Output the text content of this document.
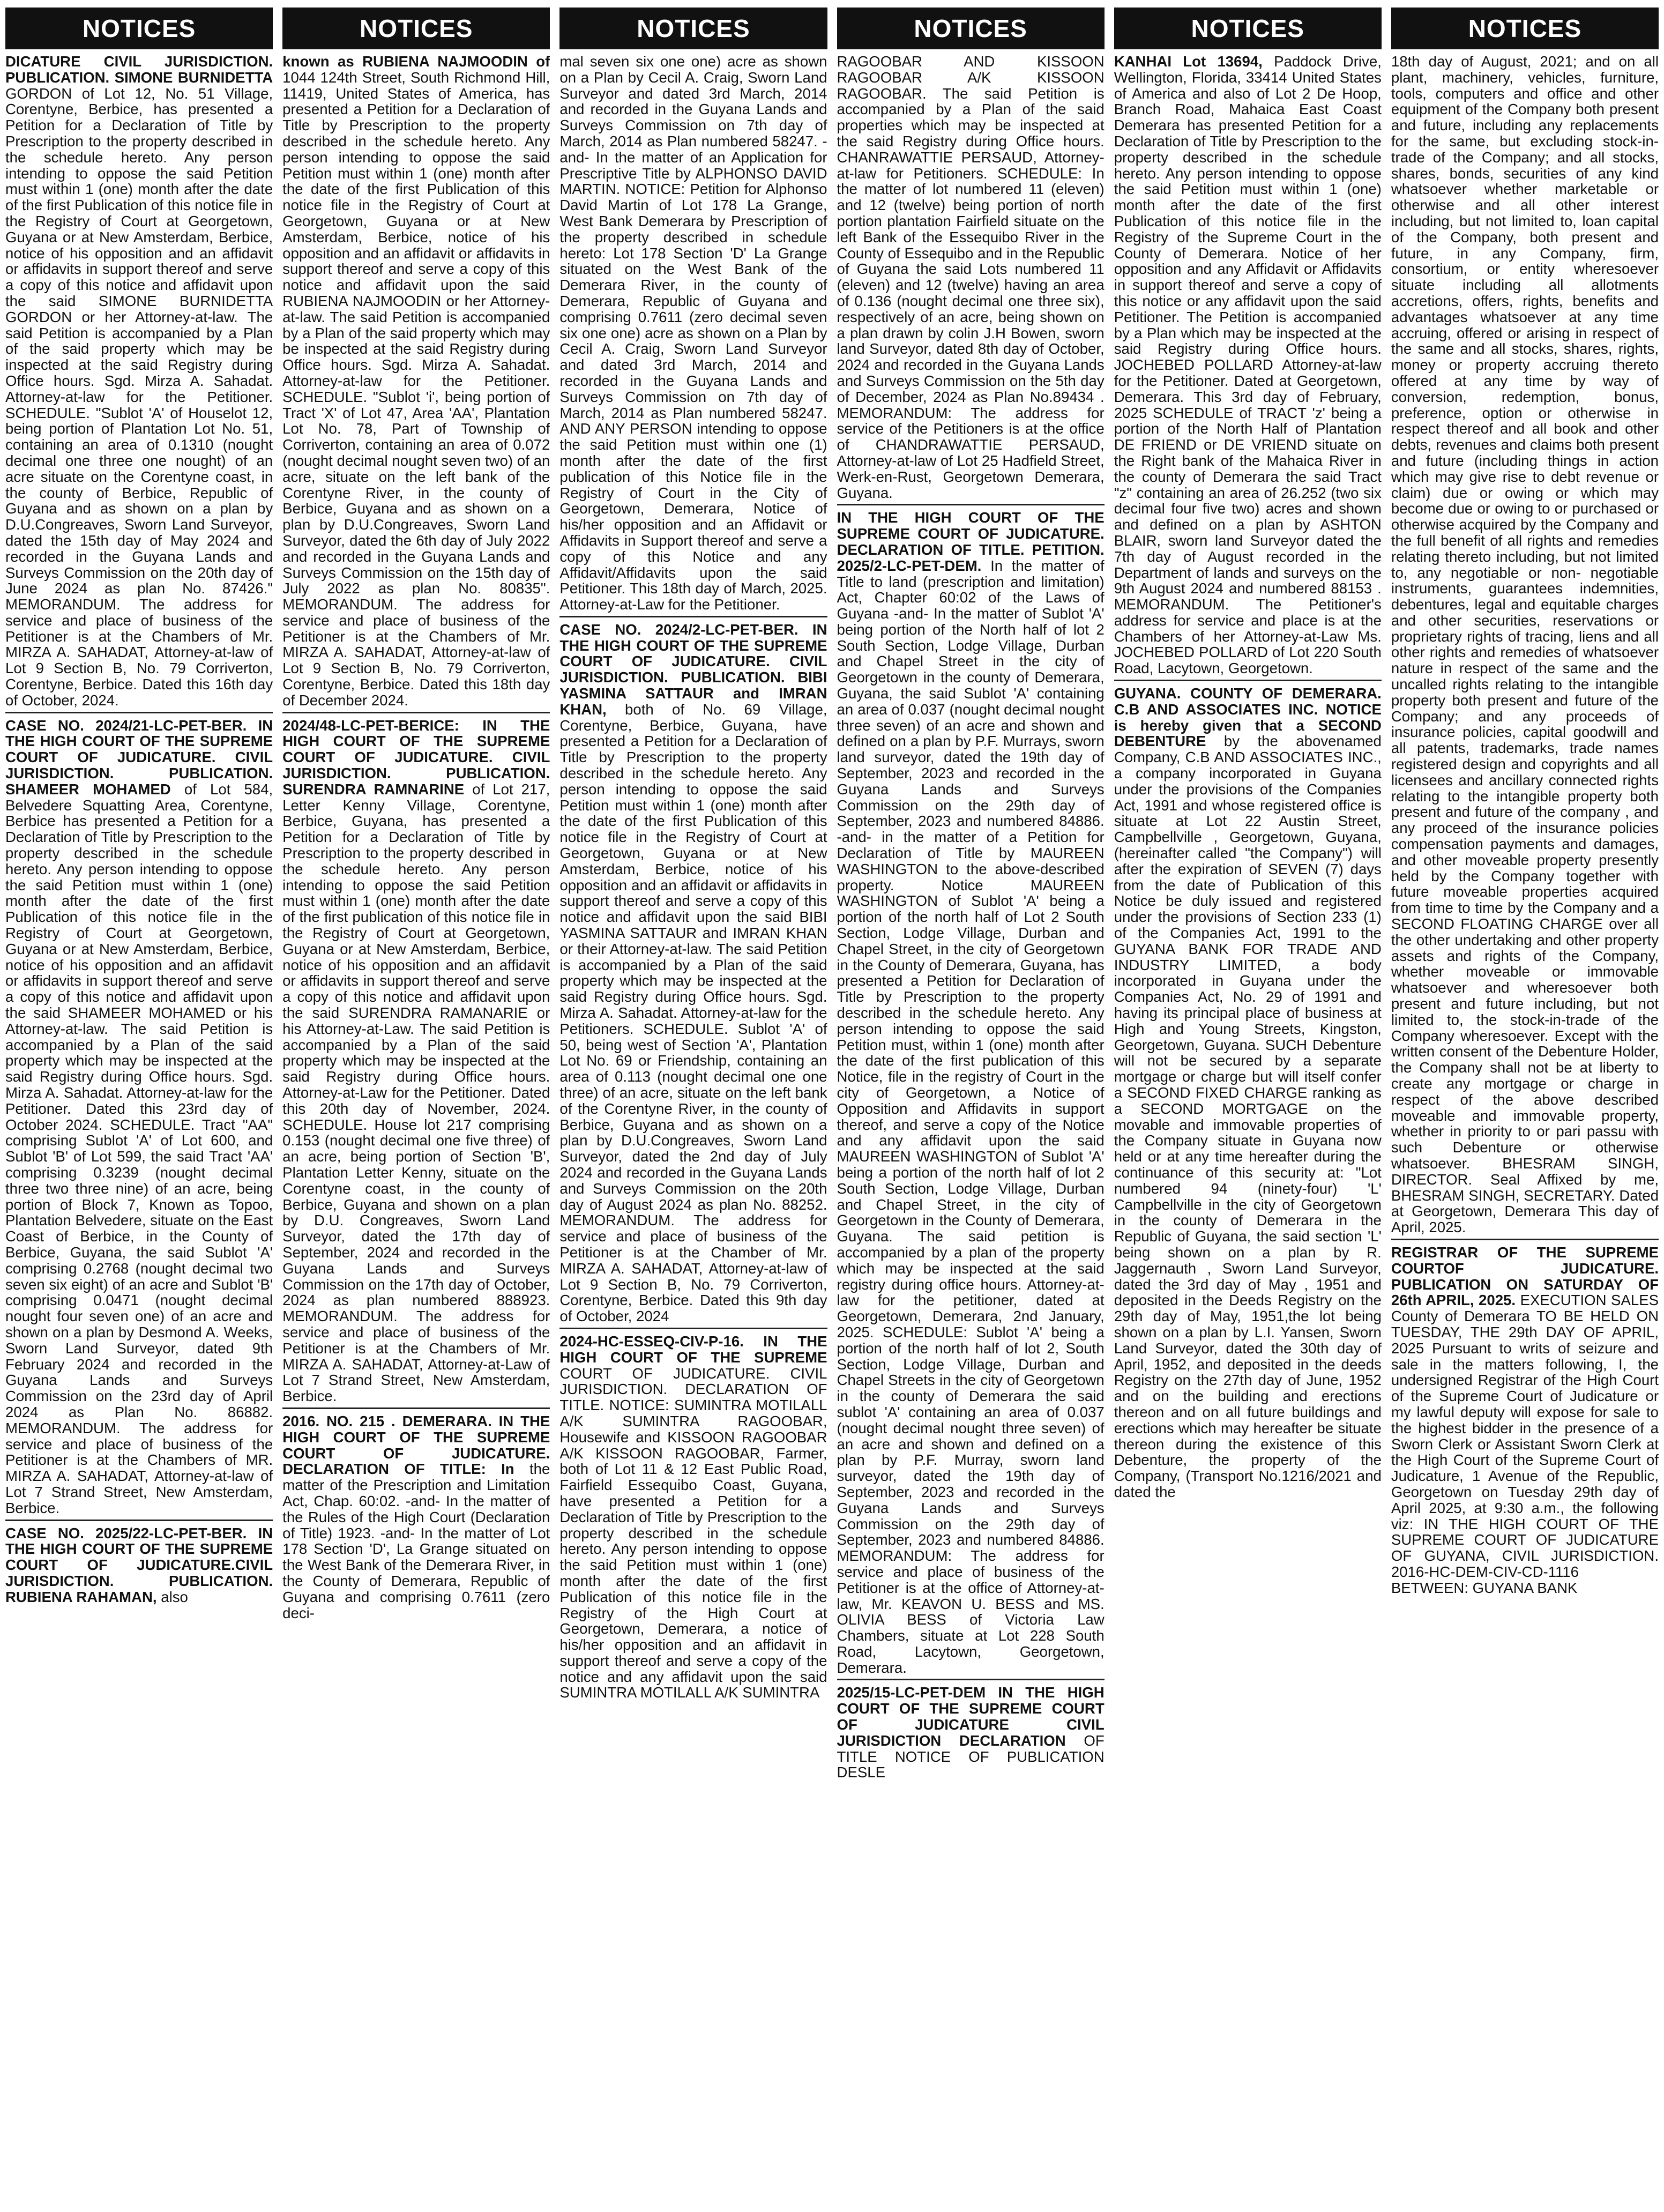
NOTICES
DICATURE CIVIL JURISDICTION. PUBLICATION. SIMONE BURNIDETTA GORDON of Lot 12, No. 51 Village, Corentyne, Berbice, has presented a Petition for a Declaration of Title by Prescription to the property described in the schedule hereto. Any person intending to oppose the said Petition must within 1 (one) month after the date of the first Publication of this notice file in the Registry of Court at Georgetown, Guyana or at New Amsterdam, Berbice, notice of his opposition and an affidavit or affidavits in support thereof and serve a copy of this notice and affidavit upon the said SIMONE BURNIDETTA GORDON or her Attorney-at-law. The said Petition is accompanied by a Plan of the said property which may be inspected at the said Registry during Office hours. Sgd. Mirza A. Sahadat. Attorney-at-law for the Petitioner. SCHEDULE. "Sublot 'A' of Houselot 12, being portion of Plantation Lot No. 51, containing an area of 0.1310 (nought decimal one three one nought) of an acre situate on the Corentyne coast, in the county of Berbice, Republic of Guyana and as shown on a plan by D.U.Congreaves, Sworn Land Surveyor, dated the 15th day of May 2024 and recorded in the Guyana Lands and Surveys Commission on the 20th day of June 2024 as plan No. 87426." MEMORANDUM. The address for service and place of business of the Petitioner is at the Chambers of Mr. MIRZA A. SAHADAT, Attorney-at-law of Lot 9 Section B, No. 79 Corriverton, Corentyne, Berbice. Dated this 16th day of October, 2024.
CASE NO. 2024/21-LC-PET-BER. IN THE HIGH COURT OF THE SUPREME COURT OF JUDICATURE. CIVIL JURISDICTION. PUBLICATION. SHAMEER MOHAMED of Lot 584, Belvedere Squatting Area, Corentyne, Berbice has presented a Petition for a Declaration of Title by Prescription to the property described in the schedule hereto. Any person intending to oppose the said Petition must within 1 (one) month after the date of the first Publication of this notice file in the Registry of Court at Georgetown, Guyana or at New Amsterdam, Berbice, notice of his opposition and an affidavit or affidavits in support thereof and serve a copy of this notice and affidavit upon the said SHAMEER MOHAMED or his Attorney-at-law. The said Petition is accompanied by a Plan of the said property which may be inspected at the said Registry during Office hours. Sgd. Mirza A. Sahadat. Attorney-at-law for the Petitioner. Dated this 23rd day of October 2024. SCHEDULE. Tract "AA" comprising Sublot 'A' of Lot 600, and Sublot 'B' of Lot 599, the said Tract 'AA' comprising 0.3239 (nought decimal three two three nine) of an acre, being portion of Block 7, Known as Topoo, Plantation Belvedere, situate on the East Coast of Berbice, in the County of Berbice, Guyana, the said Sublot 'A' comprising 0.2768 (nought decimal two seven six eight) of an acre and Sublot 'B' comprising 0.0471 (nought decimal nought four seven one) of an acre and shown on a plan by Desmond A. Weeks, Sworn Land Surveyor, dated 9th February 2024 and recorded in the Guyana Lands and Surveys Commission on the 23rd day of April 2024 as Plan No. 86882. MEMORANDUM. The address for service and place of business of the Petitioner is at the Chambers of MR. MIRZA A. SAHADAT, Attorney-at-law of Lot 7 Strand Street, New Amsterdam, Berbice.
CASE NO. 2025/22-LC-PET-BER. IN THE HIGH COURT OF THE SUPREME COURT OF JUDICATURE.CIVIL JURISDICTION. PUBLICATION. RUBIENA RAHAMAN, also
NOTICES
known as RUBIENA NAJMOODIN of 1044 124th Street, South Richmond Hill, 11419, United States of America, has presented a Petition for a Declaration of Title by Prescription to the property described in the schedule hereto. Any person intending to oppose the said Petition must within 1 (one) month after the date of the first Publication of this notice file in the Registry of Court at Georgetown, Guyana or at New Amsterdam, Berbice, notice of his opposition and an affidavit or affidavits in support thereof and serve a copy of this notice and affidavit upon the said RUBIENA NAJMOODIN or her Attorney-at-law. The said Petition is accompanied by a Plan of the said property which may be inspected at the said Registry during Office hours. Sgd. Mirza A. Sahadat. Attorney-at-law for the Petitioner. SCHEDULE. "Sublot 'i', being portion of Tract 'X' of Lot 47, Area 'AA', Plantation Lot No. 78, Part of Township of Corriverton, containing an area of 0.072 (nought decimal nought seven two) of an acre, situate on the left bank of the Corentyne River, in the county of Berbice, Guyana and as shown on a plan by D.U.Congreaves, Sworn Land Surveyor, dated the 6th day of July 2022 and recorded in the Guyana Lands and Surveys Commission on the 15th day of July 2022 as plan No. 80835". MEMORANDUM. The address for service and place of business of the Petitioner is at the Chambers of Mr. MIRZA A. SAHADAT, Attorney-at-law of Lot 9 Section B, No. 79 Corriverton, Corentyne, Berbice. Dated this 18th day of December 2024.
2024/48-LC-PET-BERICE: IN THE HIGH COURT OF THE SUPREME COURT OF JUDICATURE. CIVIL JURISDICTION. PUBLICATION. SURENDRA RAMNARINE of Lot 217, Letter Kenny Village, Corentyne, Berbice, Guyana, has presented a Petition for a Declaration of Title by Prescription to the property described in the schedule hereto. Any person intending to oppose the said Petition must within 1 (one) month after the date of the first publication of this notice file in the Registry of Court at Georgetown, Guyana or at New Amsterdam, Berbice, notice of his opposition and an affidavit or affidavits in support thereof and serve a copy of this notice and affidavit upon the said SURENDRA RAMANARIE or his Attorney-at-Law. The said Petition is accompanied by a Plan of the said property which may be inspected at the said Registry during Office hours. Attorney-at-Law for the Petitioner. Dated this 20th day of November, 2024. SCHEDULE. House lot 217 comprising 0.153 (nought decimal one five three) of an acre, being portion of Section 'B', Plantation Letter Kenny, situate on the Corentyne coast, in the county of Berbice, Guyana and shown on a plan by D.U. Congreaves, Sworn Land Surveyor, dated the 17th day of September, 2024 and recorded in the Guyana Lands and Surveys Commission on the 17th day of October, 2024 as plan numbered 888923. MEMORANDUM. The address for service and place of business of the Petitioner is at the Chambers of Mr. MIRZA A. SAHADAT, Attorney-at-Law of Lot 7 Strand Street, New Amsterdam, Berbice.
2016. NO. 215 . DEMERARA. IN THE HIGH COURT OF THE SUPREME COURT OF JUDICATURE. DECLARATION OF TITLE: In the matter of the Prescription and Limitation Act, Chap. 60:02. -and- In the matter of the Rules of the High Court (Declaration of Title) 1923. -and- In the matter of Lot 178 Section 'D', La Grange situated on the West Bank of the Demerara River, in the County of Demerara, Republic of Guyana and comprising 0.7611 (zero deci-
NOTICES
mal seven six one one) acre as shown on a Plan by Cecil A. Craig, Sworn Land Surveyor and dated 3rd March, 2014 and recorded in the Guyana Lands and Surveys Commission on 7th day of March, 2014 as Plan numbered 58247. -and- In the matter of an Application for Prescriptive Title by ALPHONSO DAVID MARTIN. NOTICE: Petition for Alphonso David Martin of Lot 178 La Grange, West Bank Demerara by Prescription of the property described in schedule hereto: Lot 178 Section 'D' La Grange situated on the West Bank of the Demerara River, in the county of Demerara, Republic of Guyana and comprising 0.7611 (zero decimal seven six one one) acre as shown on a Plan by Cecil A. Craig, Sworn Land Surveyor and dated 3rd March, 2014 and recorded in the Guyana Lands and Surveys Commission on 7th day of March, 2014 as Plan numbered 58247. AND ANY PERSON intending to oppose the said Petition must within one (1) month after the date of the first publication of this Notice file in the Registry of Court in the City of Georgetown, Demerara, Notice of his/her opposition and an Affidavit or Affidavits in Support thereof and serve a copy of this Notice and any Affidavit/Affidavits upon the said Petitioner. This 18th day of March, 2025. Attorney-at-Law for the Petitioner.
CASE NO. 2024/2-LC-PET-BER. IN THE HIGH COURT OF THE SUPREME COURT OF JUDICATURE. CIVIL JURISDICTION. PUBLICATION. BIBI YASMINA SATTAUR and IMRAN KHAN, both of No. 69 Village, Corentyne, Berbice, Guyana, have presented a Petition for a Declaration of Title by Prescription to the property described in the schedule hereto. Any person intending to oppose the said Petition must within 1 (one) month after the date of the first Publication of this notice file in the Registry of Court at Georgetown, Guyana or at New Amsterdam, Berbice, notice of his opposition and an affidavit or affidavits in support thereof and serve a copy of this notice and affidavit upon the said BIBI YASMINA SATTAUR and IMRAN KHAN or their Attorney-at-law. The said Petition is accompanied by a Plan of the said property which may be inspected at the said Registry during Office hours. Sgd. Mirza A. Sahadat. Attorney-at-law for the Petitioners. SCHEDULE. Sublot 'A' of 50, being west of Section 'A', Plantation Lot No. 69 or Friendship, containing an area of 0.113 (nought decimal one one three) of an acre, situate on the left bank of the Corentyne River, in the county of Berbice, Guyana and as shown on a plan by D.U.Congreaves, Sworn Land Surveyor, dated the 2nd day of July 2024 and recorded in the Guyana Lands and Surveys Commission on the 20th day of August 2024 as plan No. 88252. MEMORANDUM. The address for service and place of business of the Petitioner is at the Chamber of Mr. MIRZA A. SAHADAT, Attorney-at-law of Lot 9 Section B, No. 79 Corriverton, Corentyne, Berbice. Dated this 9th day of October, 2024
2024-HC-ESSEQ-CIV-P-16. IN THE HIGH COURT OF THE SUPREME COURT OF JUDICATURE. CIVIL JURISDICTION. DECLARATION OF TITLE. NOTICE: SUMINTRA MOTILALL A/K SUMINTRA RAGOOBAR, Housewife and KISSOON RAGOOBAR A/K KISSOON RAGOOBAR, Farmer, both of Lot 11 & 12 East Public Road, Fairfield Essequibo Coast, Guyana, have presented a Petition for a Declaration of Title by Prescription to the property described in the schedule hereto. Any person intending to oppose the said Petition must within 1 (one) month after the date of the first Publication of this notice file in the Registry of the High Court at Georgetown, Demerara, a notice of his/her opposition and an affidavit in support thereof and serve a copy of the notice and any affidavit upon the said SUMINTRA MOTILALL A/K SUMINTRA
NOTICES
RAGOOBAR AND KISSOON RAGOOBAR A/K KISSOON RAGOOBAR. The said Petition is accompanied by a Plan of the said properties which may be inspected at the said Registry during Office hours. CHANRAWATTIE PERSAUD, Attorney-at-law for Petitioners. SCHEDULE: In the matter of lot numbered 11 (eleven) and 12 (twelve) being portion of north portion plantation Fairfield situate on the left Bank of the Essequibo River in the County of Essequibo and in the Republic of Guyana the said Lots numbered 11 (eleven) and 12 (twelve) having an area of 0.136 (nought decimal one three six), respectively of an acre, being shown on a plan drawn by colin J.H Bowen, sworn land Surveyor, dated 8th day of October, 2024 and recorded in the Guyana Lands and Surveys Commission on the 5th day of December, 2024 as Plan No.89434 . MEMORANDUM: The address for service of the Petitioners is at the office of CHANDRAWATTIE PERSAUD, Attorney-at-law of Lot 25 Hadfield Street, Werk-en-Rust, Georgetown Demerara, Guyana.
IN THE HIGH COURT OF THE SUPREME COURT OF JUDICATURE. DECLARATION OF TITLE. PETITION. 2025/2-LC-PET-DEM. In the matter of Title to land (prescription and limitation) Act, Chapter 60:02 of the Laws of Guyana -and- In the matter of Sublot 'A' being portion of the North half of lot 2 South Section, Lodge Village, Durban and Chapel Street in the city of Georgetown in the county of Demerara, Guyana, the said Sublot 'A' containing an area of 0.037 (nought decimal nought three seven) of an acre and shown and defined on a plan by P.F. Murrays, sworn land surveyor, dated the 19th day of September, 2023 and recorded in the Guyana Lands and Surveys Commission on the 29th day of September, 2023 and numbered 84886. -and- in the matter of a Petition for Declaration of Title by MAUREEN WASHINGTON to the above-described property. Notice MAUREEN WASHINGTON of Sublot 'A' being a portion of the north half of Lot 2 South Section, Lodge Village, Durban and Chapel Street, in the city of Georgetown in the County of Demerara, Guyana, has presented a Petition for Declaration of Title by Prescription to the property described in the schedule hereto. Any person intending to oppose the said Petition must, within 1 (one) month after the date of the first publication of this Notice, file in the registry of Court in the city of Georgetown, a Notice of Opposition and Affidavits in support thereof, and serve a copy of the Notice and any affidavit upon the said MAUREEN WASHINGTON of Sublot 'A' being a portion of the north half of lot 2 South Section, Lodge Village, Durban and Chapel Street, in the city of Georgetown in the County of Demerara, Guyana. The said petition is accompanied by a plan of the property which may be inspected at the said registry during office hours. Attorney-at-law for the petitioner, dated at Georgetown, Demerara, 2nd January, 2025. SCHEDULE: Sublot 'A' being a portion of the north half of lot 2, South Section, Lodge Village, Durban and Chapel Streets in the city of Georgetown in the county of Demerara the said sublot 'A' containing an area of 0.037 (nought decimal nought three seven) of an acre and shown and defined on a plan by P.F. Murray, sworn land surveyor, dated the 19th day of September, 2023 and recorded in the Guyana Lands and Surveys Commission on the 29th day of September, 2023 and numbered 84886. MEMORANDUM: The address for service and place of business of the Petitioner is at the office of Attorney-at-law, Mr. KEAVON U. BESS and MS. OLIVIA BESS of Victoria Law Chambers, situate at Lot 228 South Road, Lacytown, Georgetown, Demerara.
2025/15-LC-PET-DEM IN THE HIGH COURT OF THE SUPREME COURT OF JUDICATURE CIVIL JURISDICTION DECLARATION OF TITLE NOTICE OF PUBLICATION DESLE
NOTICES
KANHAI Lot 13694, Paddock Drive, Wellington, Florida, 33414 United States of America and also of Lot 2 De Hoop, Branch Road, Mahaica East Coast Demerara has presented Petition for a Declaration of Title by Prescription to the property described in the schedule hereto. Any person intending to oppose the said Petition must within 1 (one) month after the date of the first Publication of this notice file in the Registry of the Supreme Court in the County of Demerara. Notice of her opposition and any Affidavit or Affidavits in support thereof and serve a copy of this notice or any affidavit upon the said Petitioner. The Petition is accompanied by a Plan which may be inspected at the said Registry during Office hours. JOCHEBED POLLARD Attorney-at-law for the Petitioner. Dated at Georgetown, Demerara. This 3rd day of February, 2025 SCHEDULE of TRACT 'z' being a portion of the North Half of Plantation DE FRIEND or DE VRIEND situate on the Right bank of the Mahaica River in the county of Demerara the said Tract "z" containing an area of 26.252 (two six decimal four five two) acres and shown and defined on a plan by ASHTON BLAIR, sworn land Surveyor dated the 7th day of August recorded in the Department of lands and surveys on the 9th August 2024 and numbered 88153 . MEMORANDUM. The Petitioner's address for service and place is at the Chambers of her Attorney-at-Law Ms. JOCHEBED POLLARD of Lot 220 South Road, Lacytown, Georgetown.
GUYANA. COUNTY OF DEMERARA. C.B AND ASSOCIATES INC. NOTICE is hereby given that a SECOND DEBENTURE by the abovenamed Company, C.B AND ASSOCIATES INC., a company incorporated in Guyana under the provisions of the Companies Act, 1991 and whose registered office is situate at Lot 22 Austin Street, Campbellville , Georgetown, Guyana, (hereinafter called "the Company") will after the expiration of SEVEN (7) days from the date of Publication of this Notice be duly issued and registered under the provisions of Section 233 (1) of the Companies Act, 1991 to the GUYANA BANK FOR TRADE AND INDUSTRY LIMITED, a body incorporated in Guyana under the Companies Act, No. 29 of 1991 and having its principal place of business at High and Young Streets, Kingston, Georgetown, Guyana. SUCH Debenture will not be secured by a separate mortgage or charge but will itself confer a SECOND FIXED CHARGE ranking as a SECOND MORTGAGE on the movable and immovable properties of the Company situate in Guyana now held or at any time hereafter during the continuance of this security at: "Lot numbered 94 (ninety-four) 'L' Campbellville in the city of Georgetown in the county of Demerara in the Republic of Guyana, the said section 'L' being shown on a plan by R. Jaggernauth , Sworn Land Surveyor, dated the 3rd day of May , 1951 and deposited in the Deeds Registry on the 29th day of May, 1951,the lot being shown on a plan by L.I. Yansen, Sworn Land Surveyor, dated the 30th day of April, 1952, and deposited in the deeds Registry on the 27th day of June, 1952 and on the building and erections thereon and on all future buildings and erections which may hereafter be situate thereon during the existence of this Debenture, the property of the Company, (Transport No.1216/2021 and dated the
NOTICES
18th day of August, 2021; and on all plant, machinery, vehicles, furniture, tools, computers and office and other equipment of the Company both present and future, including any replacements for the same, but excluding stock-in-trade of the Company; and all stocks, shares, bonds, securities of any kind whatsoever whether marketable or otherwise and all other interest including, but not limited to, loan capital of the Company, both present and future, in any Company, firm, consortium, or entity wheresoever situate including all allotments accretions, offers, rights, benefits and advantages whatsoever at any time accruing, offered or arising in respect of the same and all stocks, shares, rights, money or property accruing thereto offered at any time by way of conversion, redemption, bonus, preference, option or otherwise in respect thereof and all book and other debts, revenues and claims both present and future (including things in action which may give rise to debt revenue or claim) due or owing or which may become due or owing to or purchased or otherwise acquired by the Company and the full benefit of all rights and remedies relating thereto including, but not limited to, any negotiable or non- negotiable instruments, guarantees indemnities, debentures, legal and equitable charges and other securities, reservations or proprietary rights of tracing, liens and all other rights and remedies of whatsoever nature in respect of the same and the uncalled rights relating to the intangible property both present and future of the Company; and any proceeds of insurance policies, capital goodwill and all patents, trademarks, trade names registered design and copyrights and all licensees and ancillary connected rights relating to the intangible property both present and future of the company , and any proceed of the insurance policies compensation payments and damages, and other moveable property presently held by the Company together with future moveable properties acquired from time to time by the Company and a SECOND FLOATING CHARGE over all the other undertaking and other property assets and rights of the Company, whether moveable or immovable whatsoever and wheresoever both present and future including, but not limited to, the stock-in-trade of the Company wheresoever. Except with the written consent of the Debenture Holder, the Company shall not be at liberty to create any mortgage or charge in respect of the above described moveable and immovable property, whether in priority to or pari passu with such Debenture or otherwise whatsoever. BHESRAM SINGH, DIRECTOR. Seal Affixed by me, BHESRAM SINGH, SECRETARY. Dated at Georgetown, Demerara This day of April, 2025.
REGISTRAR OF THE SUPREME COURTOF JUDICATURE. PUBLICATION ON SATURDAY OF 26th APRIL, 2025. EXECUTION SALES County of Demerara TO BE HELD ON TUESDAY, THE 29th DAY OF APRIL, 2025 Pursuant to writs of seizure and sale in the matters following, I, the undersigned Registrar of the High Court of the Supreme Court of Judicature or my lawful deputy will expose for sale to the highest bidder in the presence of a Sworn Clerk or Assistant Sworn Clerk at the High Court of the Supreme Court of Judicature, 1 Avenue of the Republic, Georgetown on Tuesday 29th day of April 2025, at 9:30 a.m., the following viz: IN THE HIGH COURT OF THE SUPREME COURT OF JUDICATURE OF GUYANA, CIVIL JURISDICTION. 2016-HC-DEM-CIV-CD-1116 BETWEEN: GUYANA BANK
